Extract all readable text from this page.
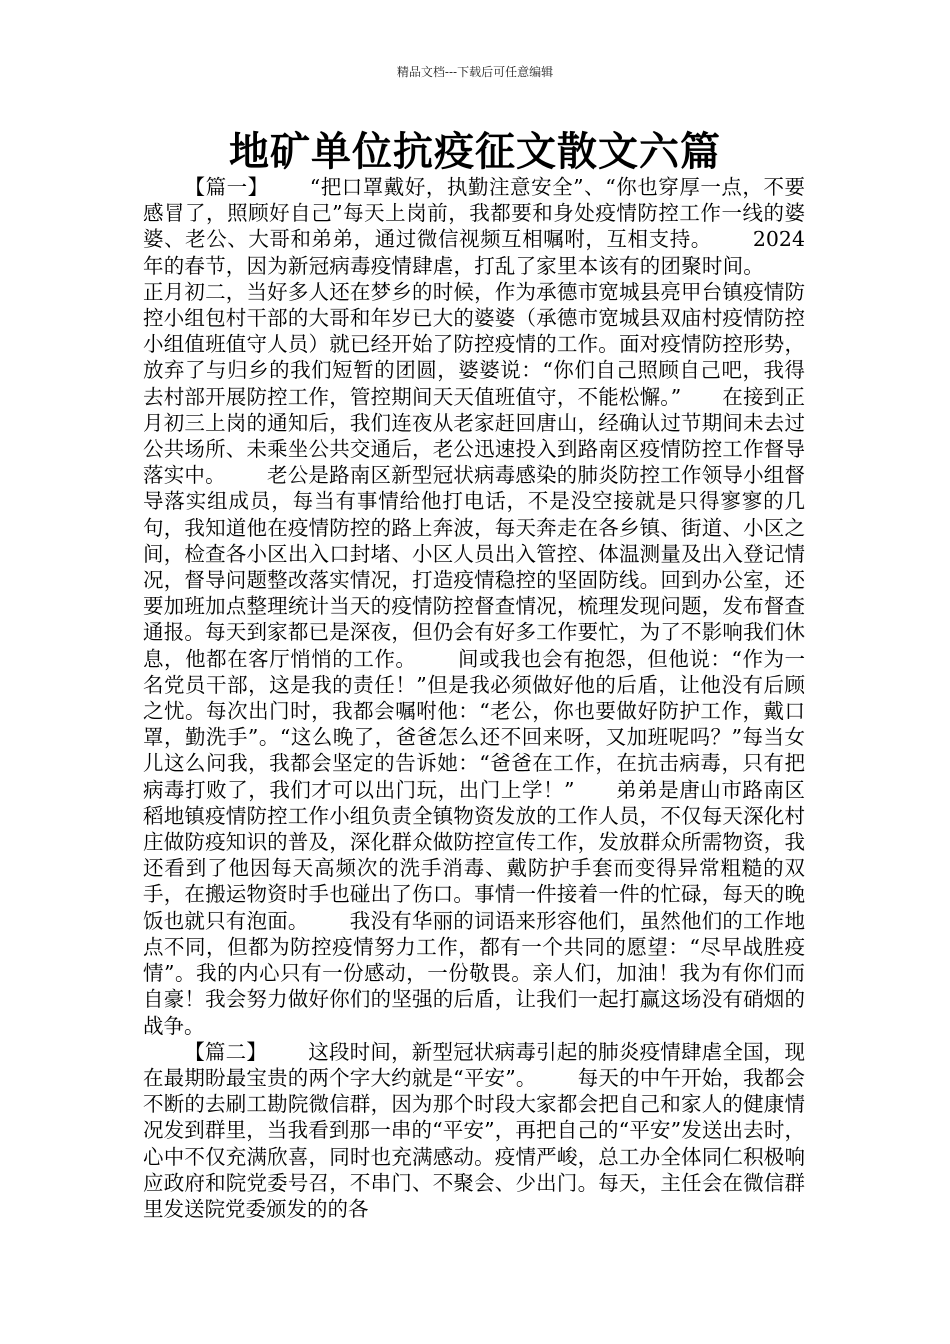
精品文档---下载后可任意编辑
地矿单位抗疫征文散文六篇

【篇一】 “把口罩戴好，执勤注意安全”、“你也穿厚一点，不要感冒了，照顾好自己”每天上岗前，我都要和身处疫情防控工作一线的婆婆、老公、大哥和弟弟，通过微信视频互相嘱咐，互相支持。 2024年的春节，因为新冠病毒疫情肆虐，打乱了家里本该有的团聚时间。正月初二，当好多人还在梦乡的时候，作为承德市宽城县亮甲台镇疫情防控小组包村干部的大哥和年岁已大的婆婆（承德市宽城县双庙村疫情防控小组值班值守人员）就已经开始了防控疫情的工作。面对疫情防控形势，放弃了与归乡的我们短暂的团圆，婆婆说：“你们自己照顾自己吧，我得去村部开展防控工作，管控期间天天值班值守，不能松懈。” 在接到正月初三上岗的通知后，我们连夜从老家赶回唐山，经确认过节期间未去过公共场所、未乘坐公共交通后，老公迅速投入到路南区疫情防控工作督导落实中。 老公是路南区新型冠状病毒感染的肺炎防控工作领导小组督导落实组成员，每当有事情给他打电话，不是没空接就是只得寥寥的几句，我知道他在疫情防控的路上奔波，每天奔走在各乡镇、街道、小区之间，检查各小区出入口封堵、小区人员出入管控、体温测量及出入登记情况，督导问题整改落实情况，打造疫情稳控的坚固防线。回到办公室，还要加班加点整理统计当天的疫情防控督查情况，梳理发现问题，发布督查通报。每天到家都已是深夜，但仍会有好多工作要忙，为了不影响我们休息，他都在客厅悄悄的工作。 间或我也会有抱怨，但他说：“作为一名党员干部，这是我的责任！”但是我必须做好他的后盾，让他没有后顾之忧。每次出门时，我都会嘱咐他：“老公，你也要做好防护工作，戴口罩，勤洗手”。“这么晚了，爸爸怎么还不回来呀，又加班呢吗？”每当女儿这么问我，我都会坚定的告诉她：“爸爸在工作，在抗击病毒，只有把病毒打败了，我们才可以出门玩，出门上学！” 弟弟是唐山市路南区稻地镇疫情防控工作小组负责全镇物资发放的工作人员，不仅每天深化村庄做防疫知识的普及，深化群众做防控宣传工作，发放群众所需物资，我还看到了他因每天高频次的洗手消毒、戴防护手套而变得异常粗糙的双手，在搬运物资时手也碰出了伤口。事情一件接着一件的忙碌，每天的晚饭也就只有泡面。 我没有华丽的词语来形容他们，虽然他们的工作地点不同，但都为防控疫情努力工作，都有一个共同的愿望：“尽早战胜疫情”。我的内心只有一份感动，一份敬畏。亲人们，加油！我为有你们而自豪！我会努力做好你们的坚强的后盾，让我们一起打赢这场没有硝烟的战争。

【篇二】 这段时间，新型冠状病毒引起的肺炎疫情肆虐全国，现在最期盼最宝贵的两个字大约就是“平安”。 每天的中午开始，我都会不断的去刷工勘院微信群，因为那个时段大家都会把自己和家人的健康情况发到群里，当我看到那一串的“平安”，再把自己的“平安”发送出去时，心中不仅充满欣喜，同时也充满感动。疫情严峻，总工办全体同仁积极响应政府和院党委号召，不串门、不聚会、少出门。每天，主任会在微信群里发送院党委颁发的的各
